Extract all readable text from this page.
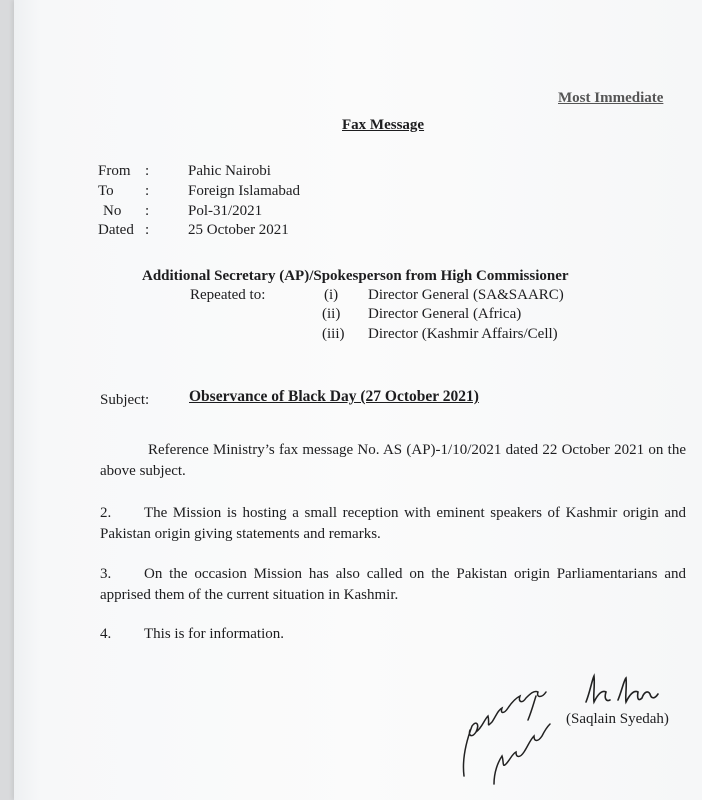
Most Immediate
Fax Message
From :	Pahic Nairobi
To :	Foreign Islamabad
No :	Pol-31/2021
Dated :	25 October 2021
Additional Secretary (AP)/Spokesperson from High Commissioner
Repeated to:	(i) Director General (SA&SAARC)
(ii) Director General (Africa)
(iii) Director (Kashmir Affairs/Cell)
Subject:	Observance of Black Day (27 October 2021)
Reference Ministry’s fax message No. AS (AP)-1/10/2021 dated 22 October 2021 on the above subject.
2. The Mission is hosting a small reception with eminent speakers of Kashmir origin and Pakistan origin giving statements and remarks.
3. On the occasion Mission has also called on the Pakistan origin Parliamentarians and apprised them of the current situation in Kashmir.
4. This is for information.
(Saqlain Syedah)
